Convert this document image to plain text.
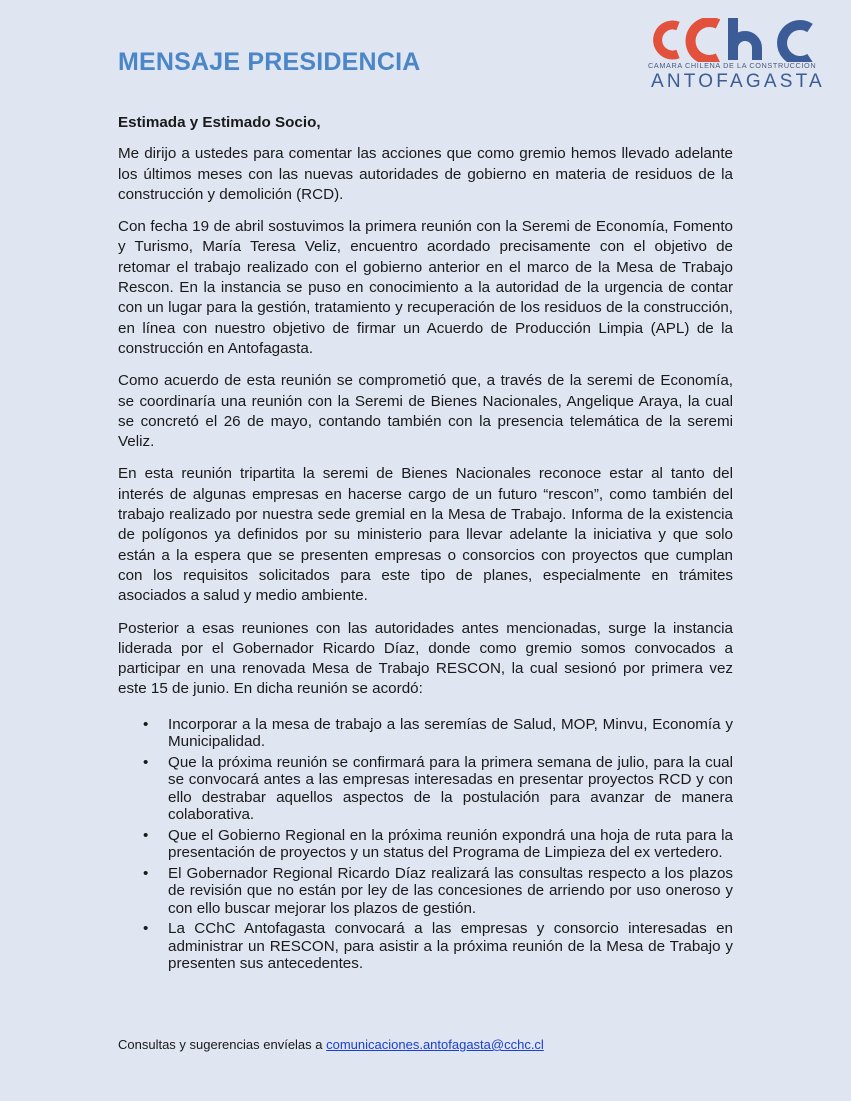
MENSAJE PRESIDENCIA	CAMARA CHILENA DE LA CONSTRUCCION
ANTOFAGASTA

Estimada y Estimado Socio,

Me dirijo a ustedes para comentar las acciones que como gremio hemos llevado adelante los últimos meses con las nuevas autoridades de gobierno en materia de residuos de la construcción y demolición (RCD).

Con fecha 19 de abril sostuvimos la primera reunión con la Seremi de Economía, Fomento y Turismo, María Teresa Veliz, encuentro acordado precisamente con el objetivo de retomar el trabajo realizado con el gobierno anterior en el marco de la Mesa de Trabajo Rescon. En la instancia se puso en conocimiento a la autoridad de la urgencia de contar con un lugar para la gestión, tratamiento y recuperación de los residuos de la construcción, en línea con nuestro objetivo de firmar un Acuerdo de Producción Limpia (APL) de la construcción en Antofagasta.

Como acuerdo de esta reunión se comprometió que, a través de la seremi de Economía, se coordinaría una reunión con la Seremi de Bienes Nacionales, Angelique Araya, la cual se concretó el 26 de mayo, contando también con la presencia telemática de la seremi Veliz.

En esta reunión tripartita la seremi de Bienes Nacionales reconoce estar al tanto del interés de algunas empresas en hacerse cargo de un futuro “rescon”, como también del trabajo realizado por nuestra sede gremial en la Mesa de Trabajo. Informa de la existencia de polígonos ya definidos por su ministerio para llevar adelante la iniciativa y que solo están a la espera que se presenten empresas o consorcios con proyectos que cumplan con los requisitos solicitados para este tipo de planes, especialmente en trámites asociados a salud y medio ambiente.

Posterior a esas reuniones con las autoridades antes mencionadas, surge la instancia liderada por el Gobernador Ricardo Díaz, donde como gremio somos convocados a participar en una renovada Mesa de Trabajo RESCON, la cual sesionó por primera vez este 15 de junio. En dicha reunión se acordó:

• Incorporar a la mesa de trabajo a las seremías de Salud, MOP, Minvu, Economía y Municipalidad.
• Que la próxima reunión se confirmará para la primera semana de julio, para la cual se convocará antes a las empresas interesadas en presentar proyectos RCD y con ello destrabar aquellos aspectos de la postulación para avanzar de manera colaborativa.
• Que el Gobierno Regional en la próxima reunión expondrá una hoja de ruta para la presentación de proyectos y un status del Programa de Limpieza del ex vertedero.
• El Gobernador Regional Ricardo Díaz realizará las consultas respecto a los plazos de revisión que no están por ley de las concesiones de arriendo por uso oneroso y con ello buscar mejorar los plazos de gestión.
• La CChC Antofagasta convocará a las empresas y consorcio interesadas en administrar un RESCON, para asistir a la próxima reunión de la Mesa de Trabajo y presenten sus antecedentes.
Consultas y sugerencias envíelas a comunicaciones.antofagasta@cchc.cl
